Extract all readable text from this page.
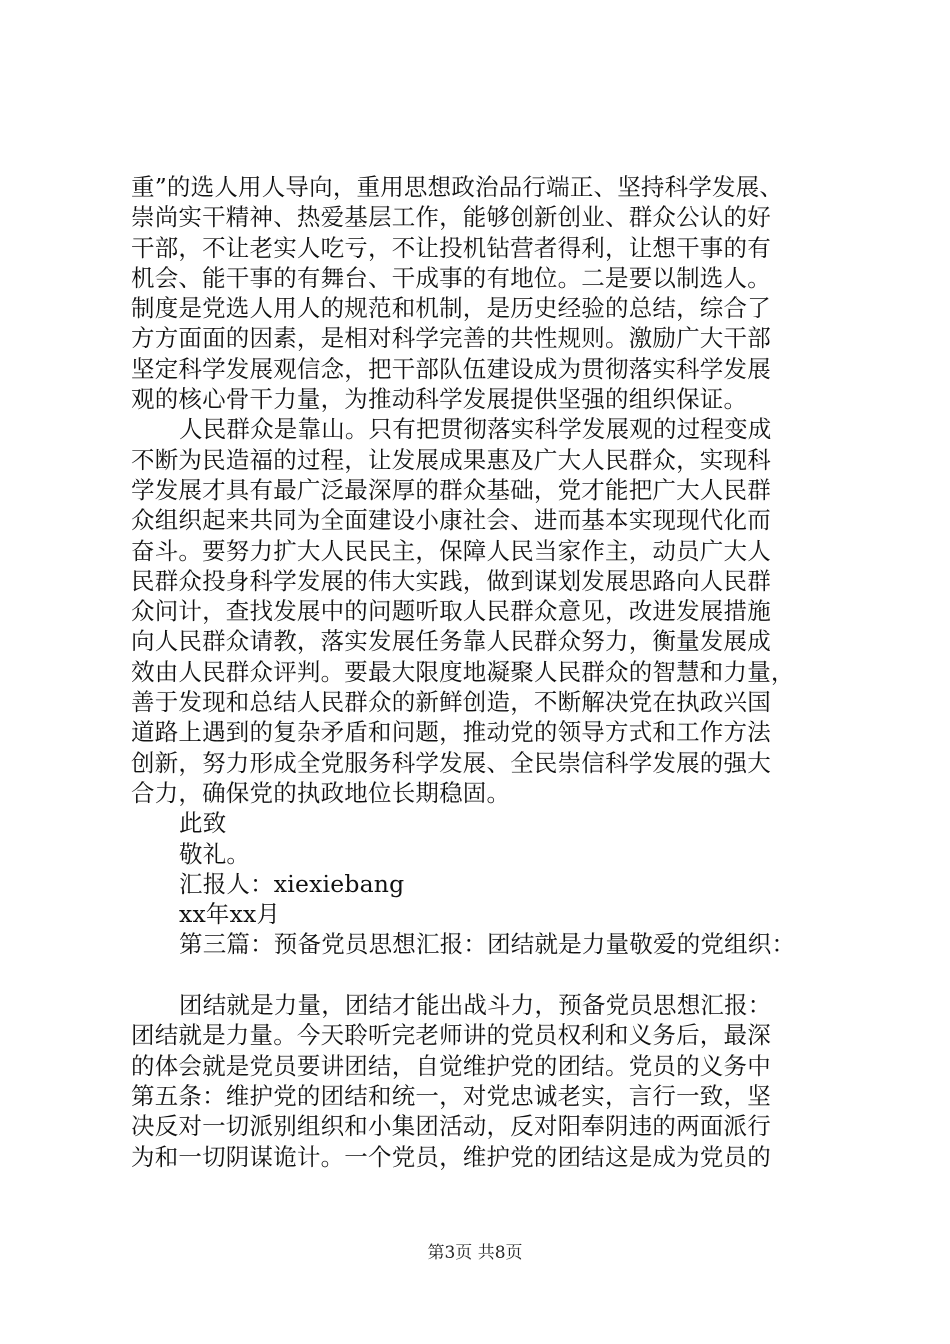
重”的选人用人导向，重用思想政治品行端正、坚持科学发展、
崇尚实干精神、热爱基层工作，能够创新创业、群众公认的好
干部，不让老实人吃亏，不让投机钻营者得利，让想干事的有
机会、能干事的有舞台、干成事的有地位。二是要以制选人。
制度是党选人用人的规范和机制，是历史经验的总结，综合了
方方面面的因素，是相对科学完善的共性规则。激励广大干部
坚定科学发展观信念，把干部队伍建设成为贯彻落实科学发展
观的核心骨干力量，为推动科学发展提供坚强的组织保证。
人民群众是靠山。只有把贯彻落实科学发展观的过程变成
不断为民造福的过程，让发展成果惠及广大人民群众，实现科
学发展才具有最广泛最深厚的群众基础，党才能把广大人民群
众组织起来共同为全面建设小康社会、进而基本实现现代化而
奋斗。要努力扩大人民民主，保障人民当家作主，动员广大人
民群众投身科学发展的伟大实践，做到谋划发展思路向人民群
众问计，查找发展中的问题听取人民群众意见，改进发展措施
向人民群众请教，落实发展任务靠人民群众努力，衡量发展成
效由人民群众评判。要最大限度地凝聚人民群众的智慧和力量，
善于发现和总结人民群众的新鲜创造，不断解决党在执政兴国
道路上遇到的复杂矛盾和问题，推动党的领导方式和工作方法
创新，努力形成全党服务科学发展、全民崇信科学发展的强大
合力，确保党的执政地位长期稳固。
此致
敬礼。
汇报人：xiexiebang
xx年xx月
第三篇：预备党员思想汇报：团结就是力量敬爱的党组织：
团结就是力量，团结才能出战斗力，预备党员思想汇报：
团结就是力量。今天聆听完老师讲的党员权利和义务后，最深
的体会就是党员要讲团结，自觉维护党的团结。党员的义务中
第五条：维护党的团结和统一，对党忠诚老实，言行一致，坚
决反对一切派别组织和小集团活动，反对阳奉阴违的两面派行
为和一切阴谋诡计。一个党员，维护党的团结这是成为党员的
第3页 共8页
